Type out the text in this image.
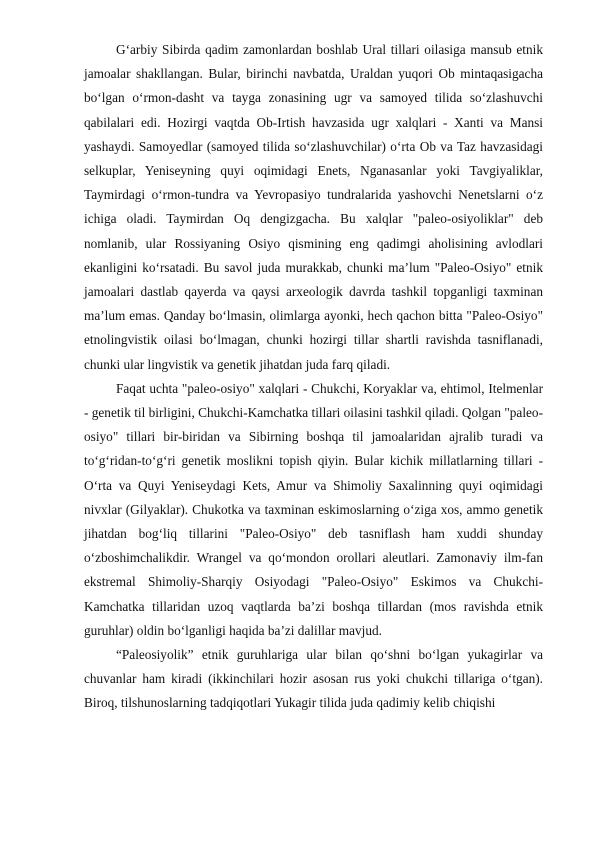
G‘arbiy Sibirda qadim zamonlardan boshlab Ural tillari oilasiga mansub etnik jamoalar shakllangan. Bular, birinchi navbatda, Uraldan yuqori Ob mintaqasigacha bo‘lgan o‘rmon-dasht va tayga zonasining ugr va samoyed tilida so‘zlashuvchi qabilalari edi. Hozirgi vaqtda Ob-Irtish havzasida ugr xalqlari - Xanti va Mansi yashaydi. Samoyedlar (samoyed tilida so‘zlashuvchilar) o‘rta Ob va Taz havzasidagi selkuplar, Yeniseyning quyi oqimidagi Enets, Nganasanlar yoki Tavgiyaliklar, Taymirdagi o‘rmon-tundra va Yevropasiyo tundralarida yashovchi Nenetslarni o‘z ichiga oladi. Taymirdan Oq dengizgacha. Bu xalqlar "paleo-osiyoliklar" deb nomlanib, ular Rossiyaning Osiyo qismining eng qadimgi aholisining avlodlari ekanligini ko‘rsatadi. Bu savol juda murakkab, chunki ma’lum "Paleo-Osiyo" etnik jamoalari dastlab qayerda va qaysi arxeologik davrda tashkil topganligi taxminan ma’lum emas. Qanday bo‘lmasin, olimlarga ayonki, hech qachon bitta "Paleo-Osiyo" etnolingvistik oilasi bo‘lmagan, chunki hozirgi tillar shartli ravishda tasniflanadi, chunki ular lingvistik va genetik jihatdan juda farq qiladi.

Faqat uchta "paleo-osiyo" xalqlari - Chukchi, Koryaklar va, ehtimol, Itelmenlar - genetik til birligini, Chukchi-Kamchatka tillari oilasini tashkil qiladi. Qolgan "paleo-osiyo" tillari bir-biridan va Sibirning boshqa til jamoalaridan ajralib turadi va to‘g‘ridan-to‘g‘ri genetik moslikni topish qiyin. Bular kichik millatlarning tillari - O‘rta va Quyi Yeniseydagi Kets, Amur va Shimoliy Saxalinning quyi oqimidagi nivxlar (Gilyaklar). Chukotka va taxminan eskimoslarning o‘ziga xos, ammo genetik jihatdan bog‘liq tillarini "Paleo-Osiyo" deb tasniflash ham xuddi shunday o‘zboshimchalikdir. Wrangel va qo‘mondon orollari aleutlari. Zamonaviy ilm-fan ekstremal Shimoliy-Sharqiy Osiyodagi "Paleo-Osiyo" Eskimos va Chukchi-Kamchatka tillaridan uzoq vaqtlarda ba’zi boshqa tillardan (mos ravishda etnik guruhlar) oldin bo‘lganligi haqida ba’zi dalillar mavjud.

“Paleosiyolik” etnik guruhlariga ular bilan qo‘shni bo‘lgan yukagirlar va chuvanlar ham kiradi (ikkinchilari hozir asosan rus yoki chukchi tillariga o‘tgan). Biroq, tilshunoslarning tadqiqotlari Yukagir tilida juda qadimiy kelib chiqishi
